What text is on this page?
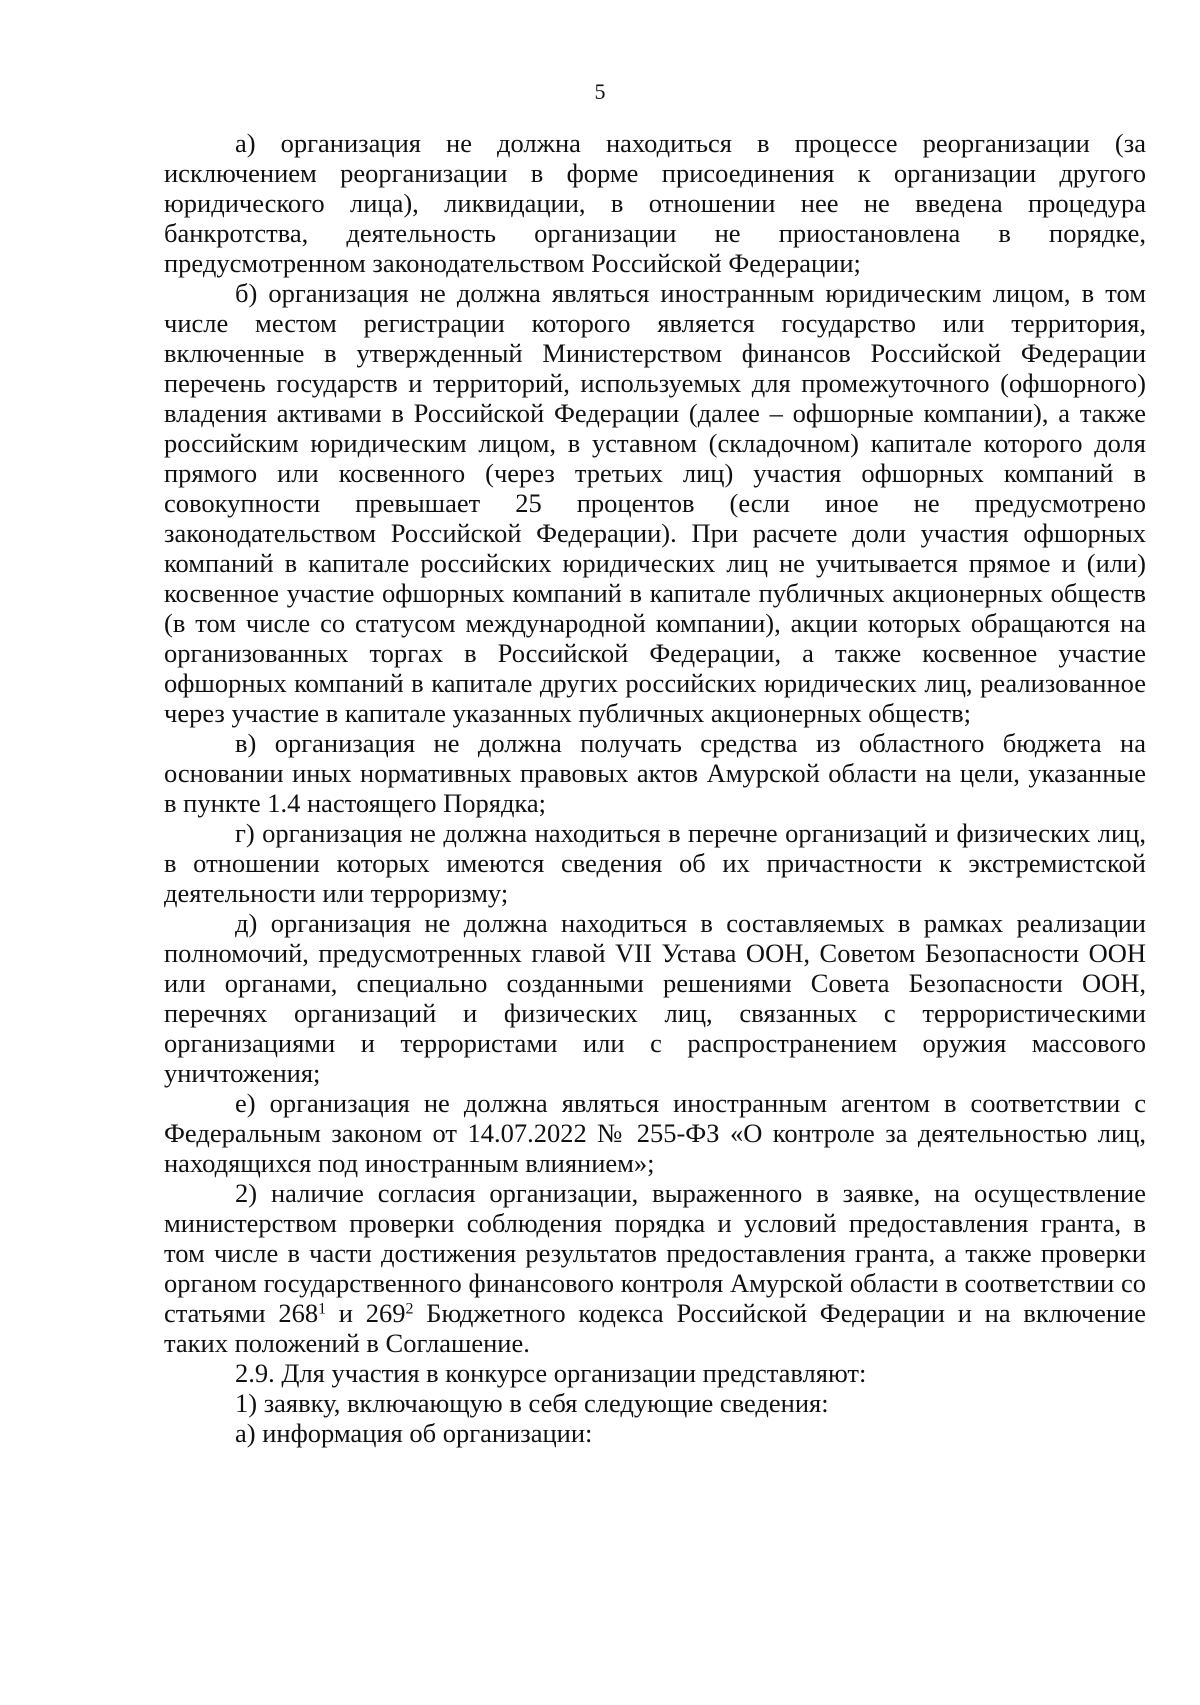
5

а) организация не должна находиться в процессе реорганизации (за исключением реорганизации в форме присоединения к организации другого юридического лица), ликвидации, в отношении нее не введена процедура банкротства, деятельность организации не приостановлена в порядке, предусмотренном законодательством Российской Федерации;

б) организация не должна являться иностранным юридическим лицом, в том числе местом регистрации которого является государство или территория, включенные в утвержденный Министерством финансов Российской Федерации перечень государств и территорий, используемых для промежуточного (офшорного) владения активами в Российской Федерации (далее – офшорные компании), а также российским юридическим лицом, в уставном (складочном) капитале которого доля прямого или косвенного (через третьих лиц) участия офшорных компаний в совокупности превышает 25 процентов (если иное не предусмотрено законодательством Российской Федерации). При расчете доли участия офшорных компаний в капитале российских юридических лиц не учитывается прямое и (или) косвенное участие офшорных компаний в капитале публичных акционерных обществ (в том числе со статусом международной компании), акции которых обращаются на организованных торгах в Российской Федерации, а также косвенное участие офшорных компаний в капитале других российских юридических лиц, реализованное через участие в капитале указанных публичных акционерных обществ;

в) организация не должна получать средства из областного бюджета на основании иных нормативных правовых актов Амурской области на цели, указанные в пункте 1.4 настоящего Порядка;

г) организация не должна находиться в перечне организаций и физических лиц, в отношении которых имеются сведения об их причастности к экстремистской деятельности или терроризму;

д) организация не должна находиться в составляемых в рамках реализации полномочий, предусмотренных главой VII Устава ООН, Советом Безопасности ООН или органами, специально созданными решениями Совета Безопасности ООН, перечнях организаций и физических лиц, связанных с террористическими организациями и террористами или с распространением оружия массового уничтожения;

е) организация не должна являться иностранным агентом в соответствии с Федеральным законом от 14.07.2022 № 255-ФЗ «О контроле за деятельностью лиц, находящихся под иностранным влиянием»;

2) наличие согласия организации, выраженного в заявке, на осуществление министерством проверки соблюдения порядка и условий предоставления гранта, в том числе в части достижения результатов предоставления гранта, а также проверки органом государственного финансового контроля Амурской области в соответствии со статьями $268^1$ и $269^2$ Бюджетного кодекса Российской Федерации и на включение таких положений в Соглашение.

2.9. Для участия в конкурсе организации представляют:

1) заявку, включающую в себя следующие сведения:

а) информация об организации:
